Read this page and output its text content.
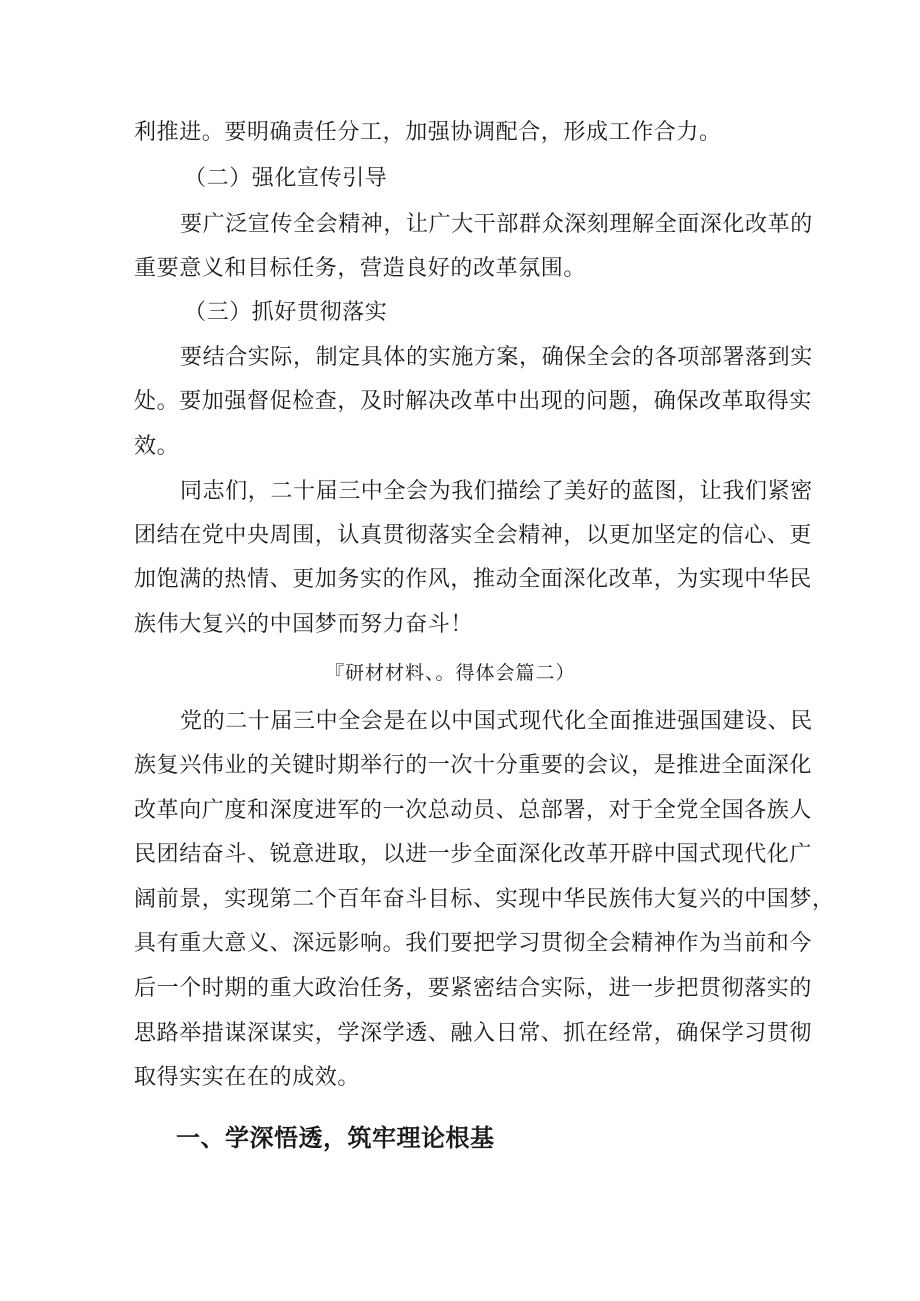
利推进。要明确责任分工，加强协调配合，形成工作合力。
（二）强化宣传引导
要广泛宣传全会精神，让广大干部群众深刻理解全面深化改革的
重要意义和目标任务，营造良好的改革氛围。
（三）抓好贯彻落实
要结合实际，制定具体的实施方案，确保全会的各项部署落到实
处。要加强督促检查，及时解决改革中出现的问题，确保改革取得实
效。
同志们，二十届三中全会为我们描绘了美好的蓝图，让我们紧密
团结在党中央周围，认真贯彻落实全会精神，以更加坚定的信心、更
加饱满的热情、更加务实的作风，推动全面深化改革，为实现中华民
族伟大复兴的中国梦而努力奋斗！
『研材材料、。得体会篇二）
党的二十届三中全会是在以中国式现代化全面推进强国建设、民
族复兴伟业的关键时期举行的一次十分重要的会议，是推进全面深化
改革向广度和深度进军的一次总动员、总部署，对于全党全国各族人
民团结奋斗、锐意进取，以进一步全面深化改革开辟中国式现代化广
阔前景，实现第二个百年奋斗目标、实现中华民族伟大复兴的中国梦，
具有重大意义、深远影响。我们要把学习贯彻全会精神作为当前和今
后一个时期的重大政治任务，要紧密结合实际，进一步把贯彻落实的
思路举措谋深谋实，学深学透、融入日常、抓在经常，确保学习贯彻
取得实实在在的成效。
一、学深悟透，筑牢理论根基
